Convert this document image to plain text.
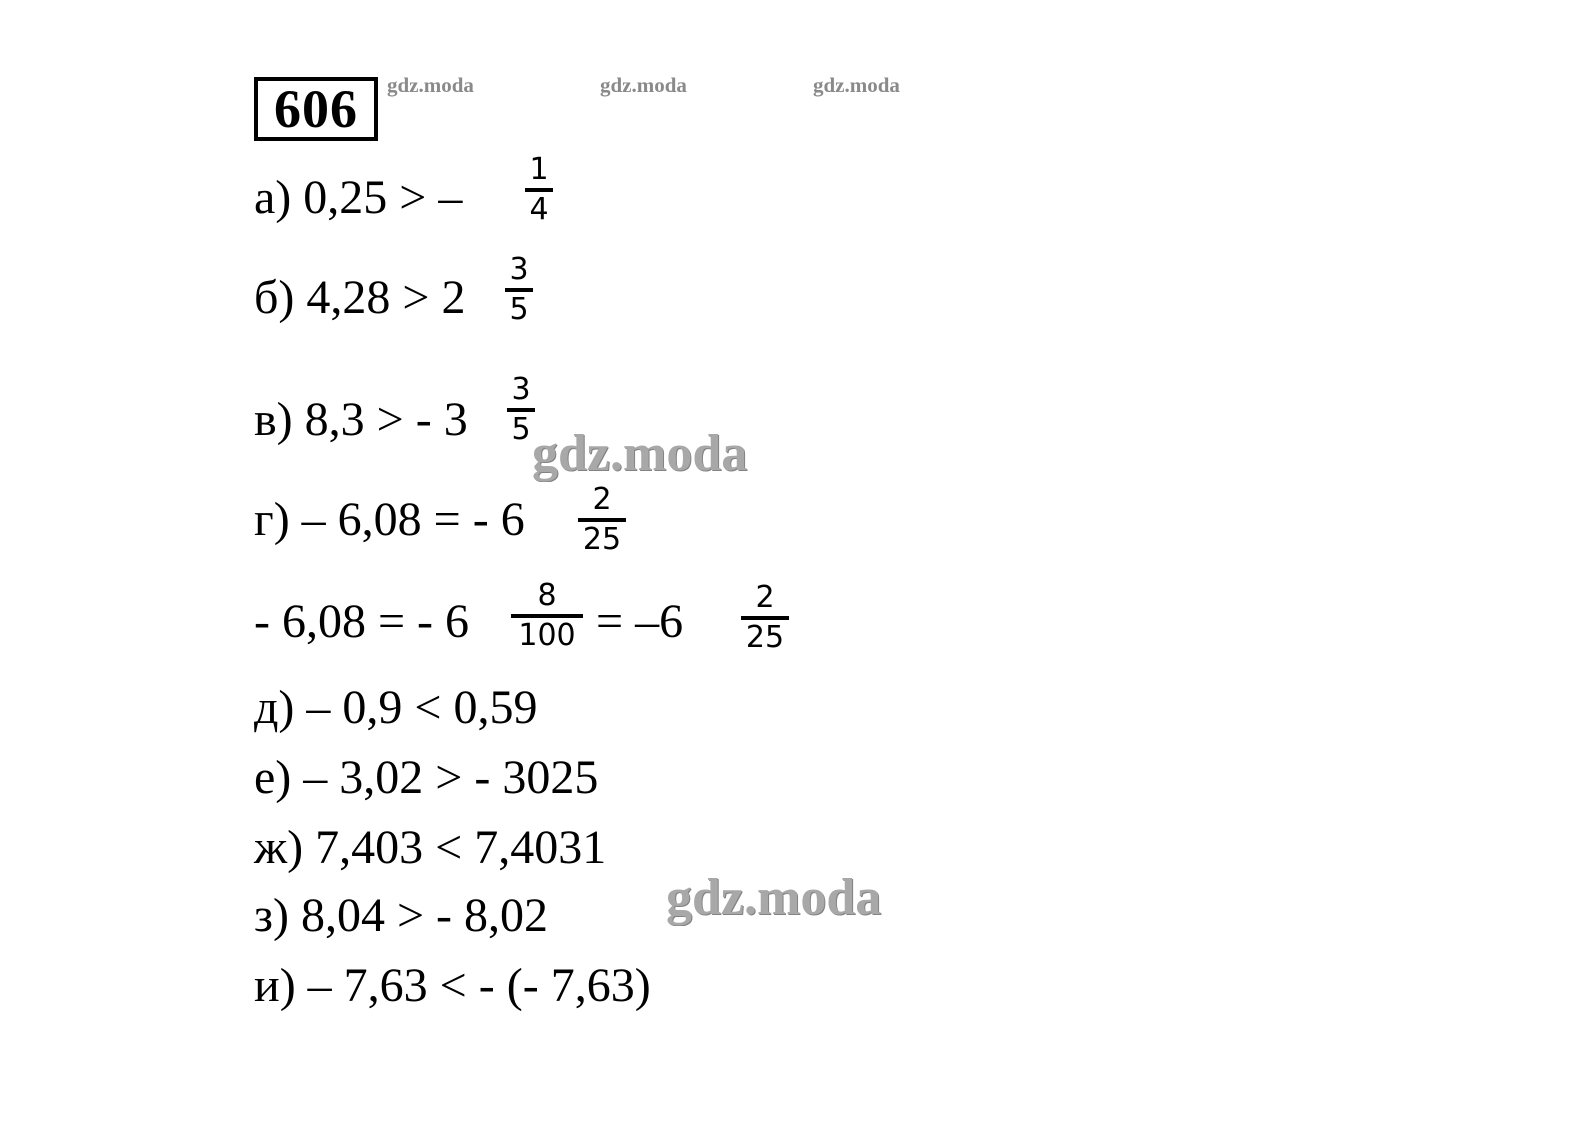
606	gdz.moda	gdz.moda	gdz.moda
а) 0,25 > –
1
4
б) 4,28 > 2
3
5
в) 8,3 > - 3
3
5 gdz.moda
г) – 6,08 = - 6	2
25
- 6,08 = - 6	8
100 = –6	2
25
д) – 0,9 < 0,59
е) – 3,02 > - 3025
ж) 7,403 < 7,4031
з) 8,04 > - 8,02
и) – 7,63 < - (- 7,63)
gdz.moda
